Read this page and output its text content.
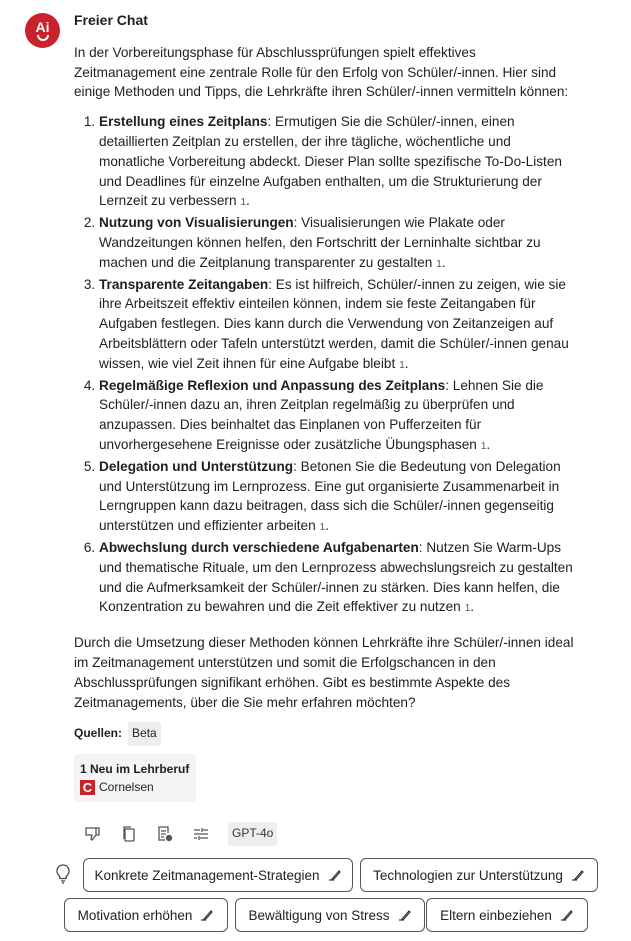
Ai Freier Chat

In der Vorbereitungsphase für Abschlussprüfungen spielt effektives Zeitmanagement eine zentrale Rolle für den Erfolg von Schüler/-innen. Hier sind einige Methoden und Tipps, die Lehrkräfte ihren Schüler/-innen vermitteln können:

1. Erstellung eines Zeitplans: Ermutigen Sie die Schüler/-innen, einen detaillierten Zeitplan zu erstellen, der ihre tägliche, wöchentliche und monatliche Vorbereitung abdeckt. Dieser Plan sollte spezifische To-Do-Listen und Deadlines für einzelne Aufgaben enthalten, um die Strukturierung der Lernzeit zu verbessern 1.
2. Nutzung von Visualisierungen: Visualisierungen wie Plakate oder Wandzeitungen können helfen, den Fortschritt der Lerninhalte sichtbar zu machen und die Zeitplanung transparenter zu gestalten 1.
3. Transparente Zeitangaben: Es ist hilfreich, Schüler/-innen zu zeigen, wie sie ihre Arbeitszeit effektiv einteilen können, indem sie feste Zeitangaben für Aufgaben festlegen. Dies kann durch die Verwendung von Zeitanzeigen auf Arbeitsblättern oder Tafeln unterstützt werden, damit die Schüler/-innen genau wissen, wie viel Zeit ihnen für eine Aufgabe bleibt 1.
4. Regelmäßige Reflexion und Anpassung des Zeitplans: Lehnen Sie die Schüler/-innen dazu an, ihren Zeitplan regelmäßig zu überprüfen und anzupassen. Dies beinhaltet das Einplanen von Pufferzeiten für unvorhergesehene Ereignisse oder zusätzliche Übungsphasen 1.
5. Delegation und Unterstützung: Betonen Sie die Bedeutung von Delegation und Unterstützung im Lernprozess. Eine gut organisierte Zusammenarbeit in Lerngruppen kann dazu beitragen, dass sich die Schüler/-innen gegenseitig unterstützen und effizienter arbeiten 1.
6. Abwechslung durch verschiedene Aufgabenarten: Nutzen Sie Warm-Ups und thematische Rituale, um den Lernprozess abwechslungsreich zu gestalten und die Aufmerksamkeit der Schüler/-innen zu stärken. Dies kann helfen, die Konzentration zu bewahren und die Zeit effektiver zu nutzen 1.

Durch die Umsetzung dieser Methoden können Lehrkräfte ihre Schüler/-innen ideal im Zeitmanagement unterstützen und somit die Erfolgschancen in den Abschlussprüfungen signifikant erhöhen. Gibt es bestimmte Aspekte des Zeitmanagements, über die Sie mehr erfahren möchten?

Quellen: Beta
1 Neu im Lehrberuf
C Cornelsen
GPT-4o
Konkrete Zeitmanagement-Strategien	Technologien zur Unterstützung
Motivation erhöhen	Bewältigung von Stress	Eltern einbeziehen
